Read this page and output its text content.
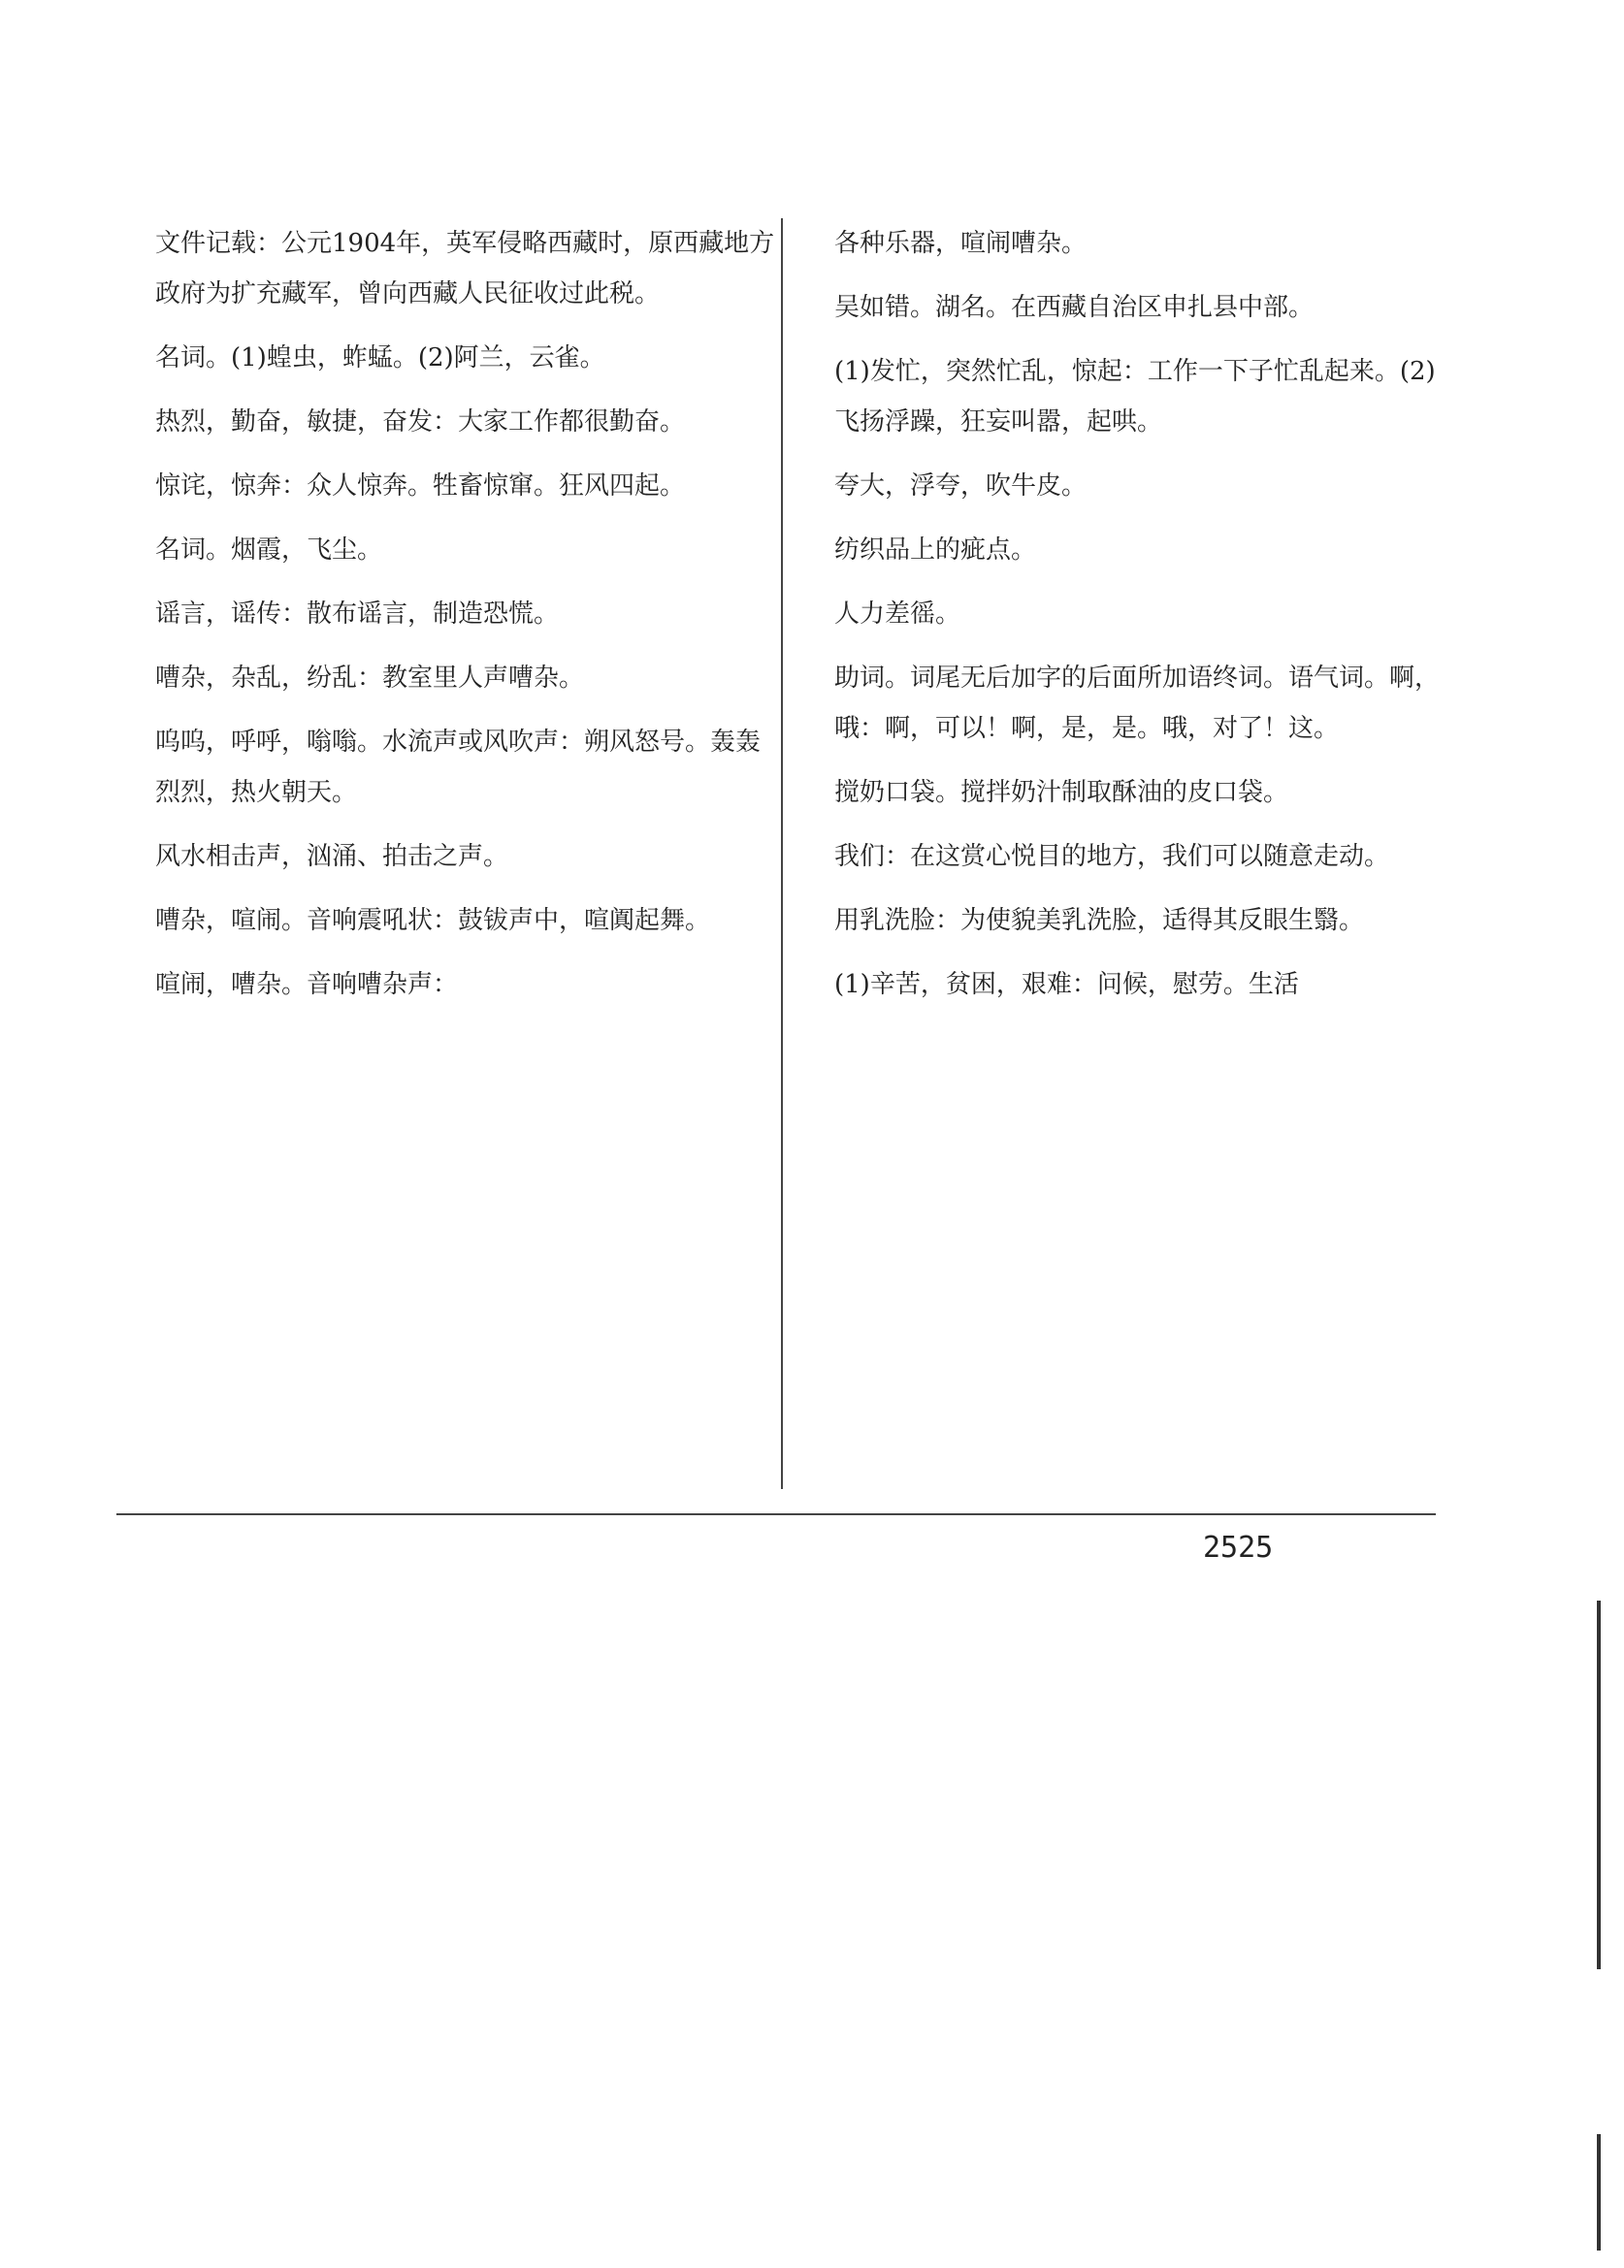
文件记载：公元1904年，英军侵略西藏时，原西藏地方政府为扩充藏军，曾向西藏人民征收过此税。

名词。(1)蝗虫，蚱蜢。(2)阿兰，云雀。

热烈，勤奋，敏捷，奋发：大家工作都很勤奋。

惊诧，惊奔：众人惊奔。牲畜惊窜。狂风四起。

名词。烟霞，飞尘。

谣言，谣传：散布谣言，制造恐慌。

嘈杂，杂乱，纷乱：教室里人声嘈杂。

呜呜，呼呼，嗡嗡。水流声或风吹声：朔风怒号。轰轰烈烈，热火朝天。

风水相击声，汹涌、拍击之声。

嘈杂，喧闹。音响震吼状：鼓钹声中，喧阗起舞。

喧闹，嘈杂。音响嘈杂声：

各种乐器，喧闹嘈杂。

吴如错。湖名。在西藏自治区申扎县中部。

(1)发忙，突然忙乱，惊起：工作一下子忙乱起来。(2)飞扬浮躁，狂妄叫嚣，起哄。

夸大，浮夸，吹牛皮。

纺织品上的疵点。

人力差徭。

助词。词尾无后加字的后面所加语终词。语气词。啊，哦：啊，可以！啊，是，是。哦，对了！这。

搅奶口袋。搅拌奶汁制取酥油的皮口袋。

我们：在这赏心悦目的地方，我们可以随意走动。

用乳洗脸：为使貌美乳洗脸，适得其反眼生翳。

(1)辛苦，贫困，艰难：问候，慰劳。生活

2525
